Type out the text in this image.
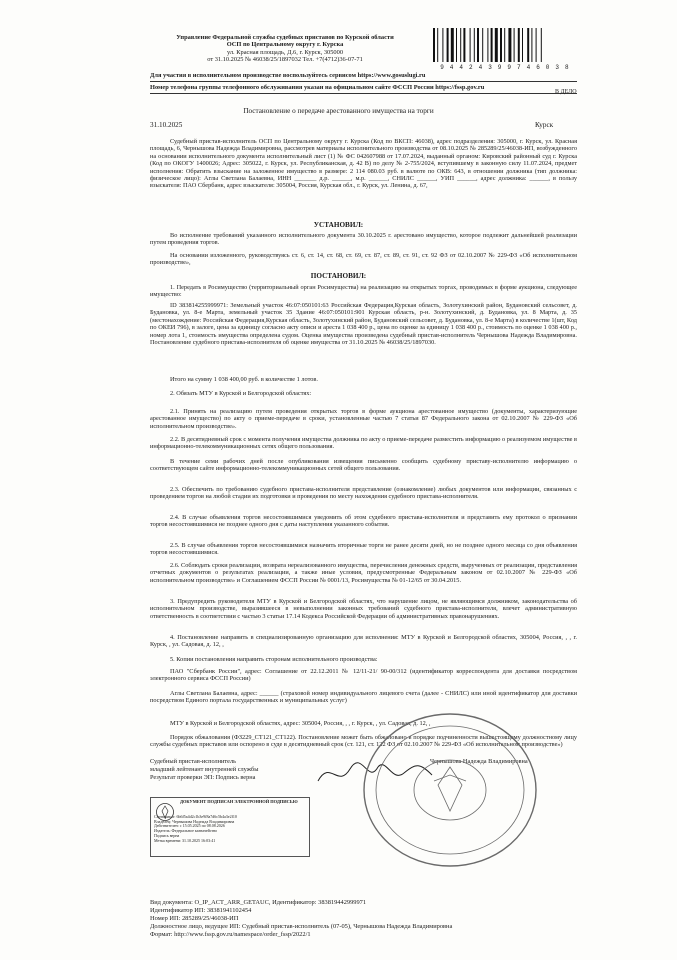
Управление Федеральной службы судебных приставов по Курской области
ОСП по Центральному округу г. Курска
ул. Красная площадь, Д.6, г. Курск, 305000
от 31.10.2025 № 46038/25/1897032 Тел. +7(4712)36-07-71
9 4 4 2 4 3 9 9 7 4 6 0 3 8
Для участия в исполнительном производстве воспользуйтесь сервисом https://www.gosuslugi.ru
Номер телефона группы телефонного обслуживания указан на официальном сайте ФССП России https://fssp.gov.ru
В ДЕЛО
Постановление о передаче арестованного имущества на торги
31.10.2025	Курск
Судебный пристав-исполнитель ОСП по Центральному округу г. Курска (Код по ВКСП: 46038), адрес подразделения: 305000, г. Курск, ул. Красная площадь, 6, Чернышова Надежда Владимировна, рассмотрев материалы исполнительного производства от 08.10.2025 № 285289/25/46038-ИП, возбужденного на основании исполнительного документа исполнительный лист (1) № ФС 042607988 от 17.07.2024, выданный органом: Кировский районный суд г. Курска (Код по ОКОГУ 1400026; Адрес: 305022, г. Курск, ул. Республиканская, д. 42 В) по делу № 2-755/2024, вступившему в законную силу 11.07.2024, предмет исполнения: Обратить взыскание на заложенное имущество в размере: 2 114 080.03 руб. в валюте по ОКВ: 643, в отношении должника (тип должника: физическое лицо): Аглы Светлана Балаевна, ИНН _______ д.р. ______, м.р. ______, СНИЛС ______, УИП ______, адрес должника: ______, в пользу взыскателя: ПАО Сбербанк, адрес взыскателя: 305004, Россия, Курская обл., г. Курск, ул. Ленина, д. 67,
УСТАНОВИЛ:
Во исполнение требований указанного исполнительного документа 30.10.2025 г. арестовано имущество, которое подлежит дальнейшей реализации путем проведения торгов.
На основании изложенного, руководствуясь ст. 6, ст. 14, ст. 68, ст. 69, ст. 87, ст. 89, ст. 91, ст. 92 ФЗ от 02.10.2007 № 229-ФЗ «Об исполнительном производстве»,
ПОСТАНОВИЛ:
1. Передать в Росимущество (территориальный орган Росимущества) на реализацию на открытых торгах, проводимых в форме аукциона, следующее имущество:
ID 383814255999971: Земельный участок 46:07:050101:63 Российская Федерация,Курская область, Золотухинский район, Будановский сельсовет, д. Будановка, ул. 8-е Марта, земельный участок 35 Здание 46:07:050101:901 Курская область, р-н. Золотухинский, д. Будановка, ул. 8 Марта, д. 35 (местонахождение: Российская Федерация,Курская область, Золотухинский район, Будановский сельсовет, д. Будановка, ул. 8-е Марта) в количестве 1(шт, Код по ОКЕИ 796), в залоге, цена за единицу согласно акту описи и ареста 1 038 400 р., цена по оценке за единицу 1 038 400 р., стоимость по оценке 1 038 400 р., номер лота 1, стоимость имущества определена судом. Оценка имущества произведена судебный пристав-исполнитель Чернышова Надежда Владимировна. Постановление судебного пристава-исполнителя об оценке имущества от 31.10.2025 № 46038/25/1897030.
Итого на сумму 1 038 400,00 руб. в количестве 1 лотов.
2. Обязать МТУ в Курской и Белгородской областях:
2.1. Принять на реализацию путем проведения открытых торгов в форме аукциона арестованное имущество (документы, характеризующие арестованное имущество) по акту о приеме-передаче в сроки, установленные частью 7 статьи 87 Федерального закона от 02.10.2007 № 229-ФЗ «Об исполнительном производстве».
2.2. В десятидневный срок с момента получения имущества должника по акту о приеме-передаче разместить информацию о реализуемом имуществе в информационно-телекоммуникационных сетях общего пользования.
В течение семи рабочих дней после опубликования извещения письменно сообщить судебному приставу-исполнителю информацию о соответствующем сайте информационно-телекоммуникационных сетей общего пользования.
2.3. Обеспечить по требованию судебного пристава-исполнителя представление (ознакомление) любых документов или информации, связанных с проведением торгов на любой стадии их подготовки и проведения по месту нахождения судебного пристава-исполнителя.
2.4. В случае объявления торгов несостоявшимися уведомить об этом судебного пристава-исполнителя и представить ему протокол о признании торгов несостоявшимися не позднее одного дня с даты наступления указанного события.
2.5. В случае объявления торгов несостоявшимися назначить вторичные торги не ранее десяти дней, но не позднее одного месяца со дня объявления торгов несостоявшимися.
2.6. Соблюдать сроки реализации, возврата нереализованного имущества, перечисления денежных средств, вырученных от реализации, представления отчетных документов о результатах реализации, а также иные условия, предусмотренные Федеральным законом от 02.10.2007 № 229-ФЗ «Об исполнительном производстве» и Соглашением ФССП России № 0001/13, Росимущества № 01-12/65 от 30.04.2015.
3. Предупредить руководителя МТУ в Курской и Белгородской областях, что нарушение лицом, не являющимся должником, законодательства об исполнительном производстве, выразившееся в невыполнении законных требований судебного пристава-исполнителя, влечет административную ответственность в соответствии с частью 3 статьи 17.14 Кодекса Российской Федерации об административных правонарушениях.
4. Постановление направить в специализированную организацию для исполнения: МТУ в Курской и Белгородской областях, 305004, Россия, , , г. Курск, , ул. Садовая, д. 12, ,
5. Копии постановления направить сторонам исполнительного производства:
ПАО "Сбербанк России", адрес: Соглашение от 22.12.2011 № 12/11-21/ 90-00/312 (идентификатор корреспондента для доставки посредством электронного сервиса ФССП России)
Аглы Светлана Балаевна, адрес: ______ (страховой номер индивидуального лицевого счета (далее - СНИЛС) или иной идентификатор для доставки посредством Единого портала государственных и муниципальных услуг)
МТУ в Курской и Белгородской областях, адрес: 305004, Россия, , , г. Курск, , ул. Садовая, д. 12, ,
Порядок обжалования (ФЗ229_СТ121_СТ122). Постановление может быть обжаловано в порядке подчиненности вышестоящему должностному лицу службы судебных приставов или оспорено в суде в десятидневный срок (ст. 121, ст. 122 ФЗ от 02.10.2007 № 229-ФЗ «Об исполнительном производстве»)
Судебный пристав-исполнитель
младший лейтенант внутренней службы
Результат проверки ЭП: Подпись верна
Чернышова Надежда Владимировна
ДОКУМЕНТ ПОДПИСАН ЭЛЕКТРОННОЙ ПОДПИСЬЮ
Сертификат: 6b6f5a4d2c1b3e9f8a7d6c5b4a3e2f10
Владелец: Чернышова Надежда Владимировна
Действителен: с 15.05.2025 по 08.08.2026
Издатель: Федеральное казначейство
Подпись верна
Метка времени: 31.10.2025 16:03:41
Вид документа: O_IP_ACT_ARR_GETAUC, Идентификатор: 383819442999971
Идентификатор ИП: 38381941102454
Номер ИП: 285289/25/46038-ИП
Должностное лицо, ведущее ИП: Судебный пристав-исполнитель (07-05), Чернышова Надежда Владимировна
Формат: http://www.fssp.gov.ru/namespace/order_fssp/2022/1
